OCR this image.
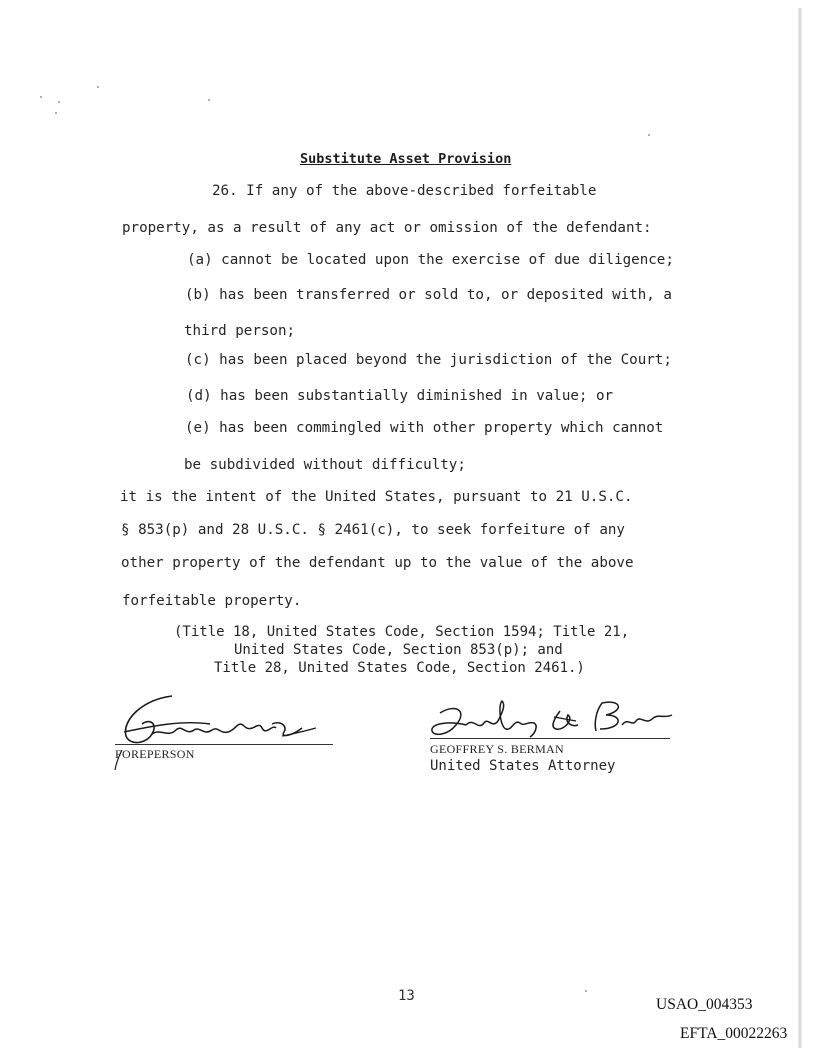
Substitute Asset Provision
26. If any of the above-described forfeitable
property, as a result of any act or omission of the defendant:
(a) cannot be located upon the exercise of due diligence;
(b) has been transferred or sold to, or deposited with, a
third person;
(c) has been placed beyond the jurisdiction of the Court;
(d) has been substantially diminished in value; or
(e) has been commingled with other property which cannot
be subdivided without difficulty;
it is the intent of the United States, pursuant to 21 U.S.C.
§ 853(p) and 28 U.S.C. § 2461(c), to seek forfeiture of any
other property of the defendant up to the value of the above
forfeitable property.
(Title 18, United States Code, Section 1594; Title 21,
United States Code, Section 853(p); and
Title 28, United States Code, Section 2461.)
FOREPERSON	GEOFFREY S. BERMAN
United States Attorney
13	USAO_004353
EFTA_00022263
